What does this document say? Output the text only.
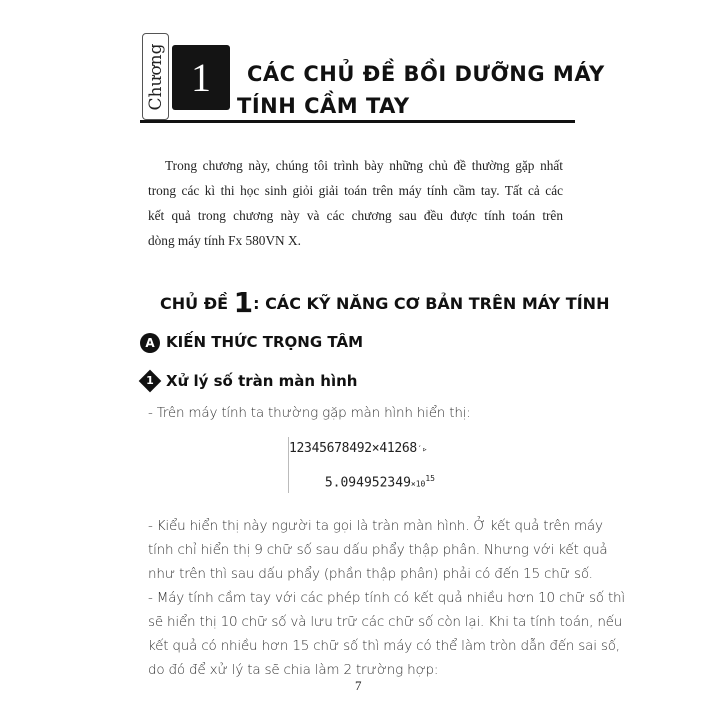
Chương 1	CÁC CHỦ ĐỀ BỒI DƯỠNG MÁY
TÍNH CẦM TAY
Trong chương này, chúng tôi trình bày những chủ đề thường gặp nhất
trong các kì thi học sinh giỏi giải toán trên máy tính cầm tay. Tất cả các
kết quả trong chương này và các chương sau đều được tính toán trên
dòng máy tính Fx 580VN X.
CHỦ ĐỀ 1: CÁC KỸ NĂNG CƠ BẢN TRÊN MÁY TÍNH
A KIẾN THỨC TRỌNG TÂM
1 Xử lý số tràn màn hình
- Trên máy tính ta thường gặp màn hình hiển thị:
12345678492×41268′▹
$5.094952349\times 10^{15}$
- Kiểu hiển thị này người ta gọi là tràn màn hình. Ở kết quả trên máy
tính chỉ hiển thị 9 chữ số sau dấu phẩy thập phân. Nhưng với kết quả
như trên thì sau dấu phẩy (phần thập phân) phải có đến 15 chữ số.
- Máy tính cầm tay với các phép tính có kết quả nhiều hơn 10 chữ số thì
sẽ hiển thị 10 chữ số và lưu trữ các chữ số còn lại. Khi ta tính toán, nếu
kết quả có nhiều hơn 15 chữ số thì máy có thể làm tròn dẫn đến sai số,
do đó để xử lý ta sẽ chia làm 2 trường hợp:
7
